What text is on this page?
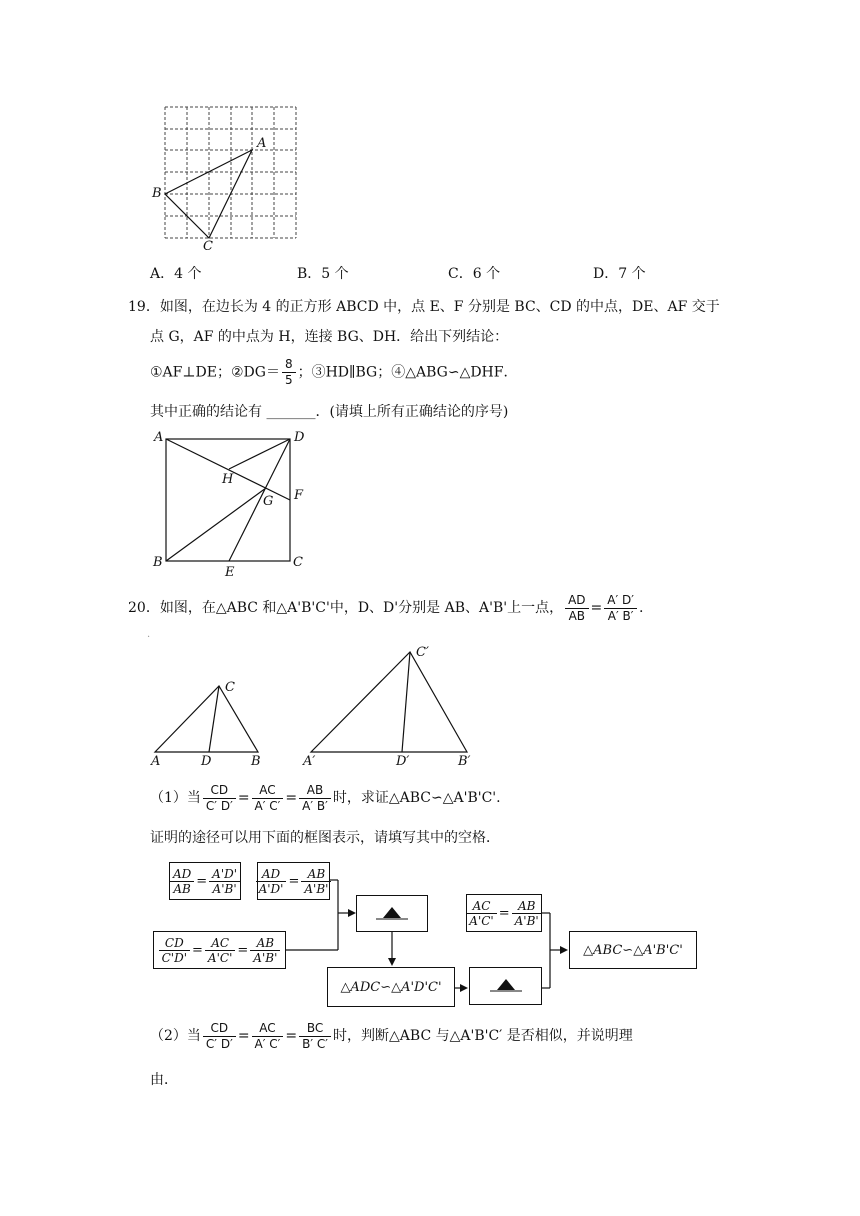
A
B
C
A．4 个	B．5 个	C．6 个	D．7 个
19．如图，在边长为 4 的正方形 ABCD 中，点 E、F 分别是 BC、CD 的中点，DE、AF 交于
点 G，AF 的中点为 H，连接 BG、DH．给出下列结论：
①AF⊥DE；②DG＝ $\frac{8}{5}$ ；③HD∥BG；④△ABG∽△DHF．
其中正确的结论有 _______．(请填上所有正确结论的序号)
A	D
H
F
G
B
E
C
20．如图，在△ABC 和△A'B'C'中，D、D'分别是 AB、A'B'上一点， $\frac{AD}{AB} = \frac{A' D'}{A' B'}$ .
·
C
A	D	B
C′
A′	D′	B′
（1）当 $\frac{CD}{C' D'} = \frac{AC}{A' C'} = \frac{AB}{A' B'}$ 时，求证△ABC∽△A'B'C'.
证明的途径可以用下面的框图表示，请填写其中的空格．
$\frac{AD}{AB} = \frac{A'D'}{A'B'} \frac{AD}{A'D'} = \frac{AB}{A'B'}$
$\frac{CD}{C'D'} = \frac{AC}{A'C'} = \frac{AB}{A'B'}$
$\frac{AC}{A'C'} = \frac{AB}{A'B'}$
△ADC∽△A'D'C'
△ABC∽△A'B'C'
（2）当 $\frac{CD}{C' D'} = \frac{AC}{A' C'} = \frac{BC}{B' C'}$ 时，判断△ABC 与△A'B'C′ 是否相似，并说明理
由．
